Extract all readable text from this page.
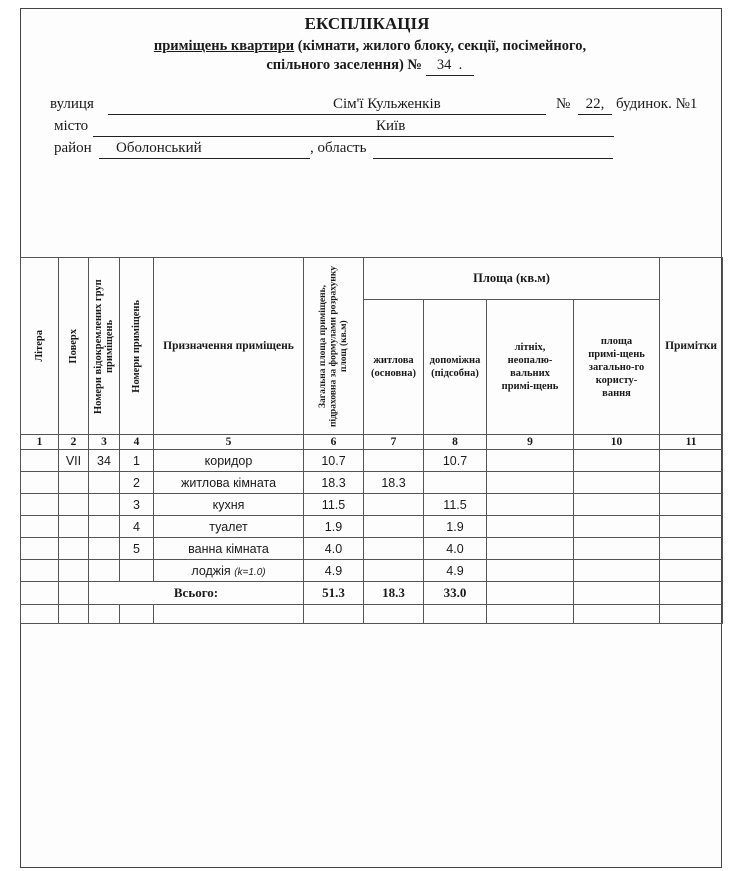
ЕКСПЛІКАЦІЯ
приміщень квартири (кімнати, жилого блоку, секції, посімейного,
спільного заселення) № 34 .
вулиця	Сім'ї Кульженків	№	22, будинок. №1
місто	Київ
район Оболонський	, область
Літера	Поверх	Номери відокремлених груп приміщень	Номери приміщень	Призначення приміщень	Загальна площа приміщень, підраховна за формулами розрахунку площ (кв.м)	Площа (кв.м)				Примітки
						житлова (основна)	допоміжна (підсобна)	літніх, неопалю-вальних примі-щень	площа примі-щень загально-го користу-вання	
1	2	3	4	5	6	7	8	9	10	11
	VII	34	1	коридор	10.7		10.7			
			2	житлова кімната	18.3	18.3				
			3	кухня	11.5		11.5			
			4	туалет	1.9		1.9			
			5	ванна кімната	4.0		4.0			
				лоджія (k=1.0)	4.9		4.9			
		Всього:			51.3	18.3	33.0			
